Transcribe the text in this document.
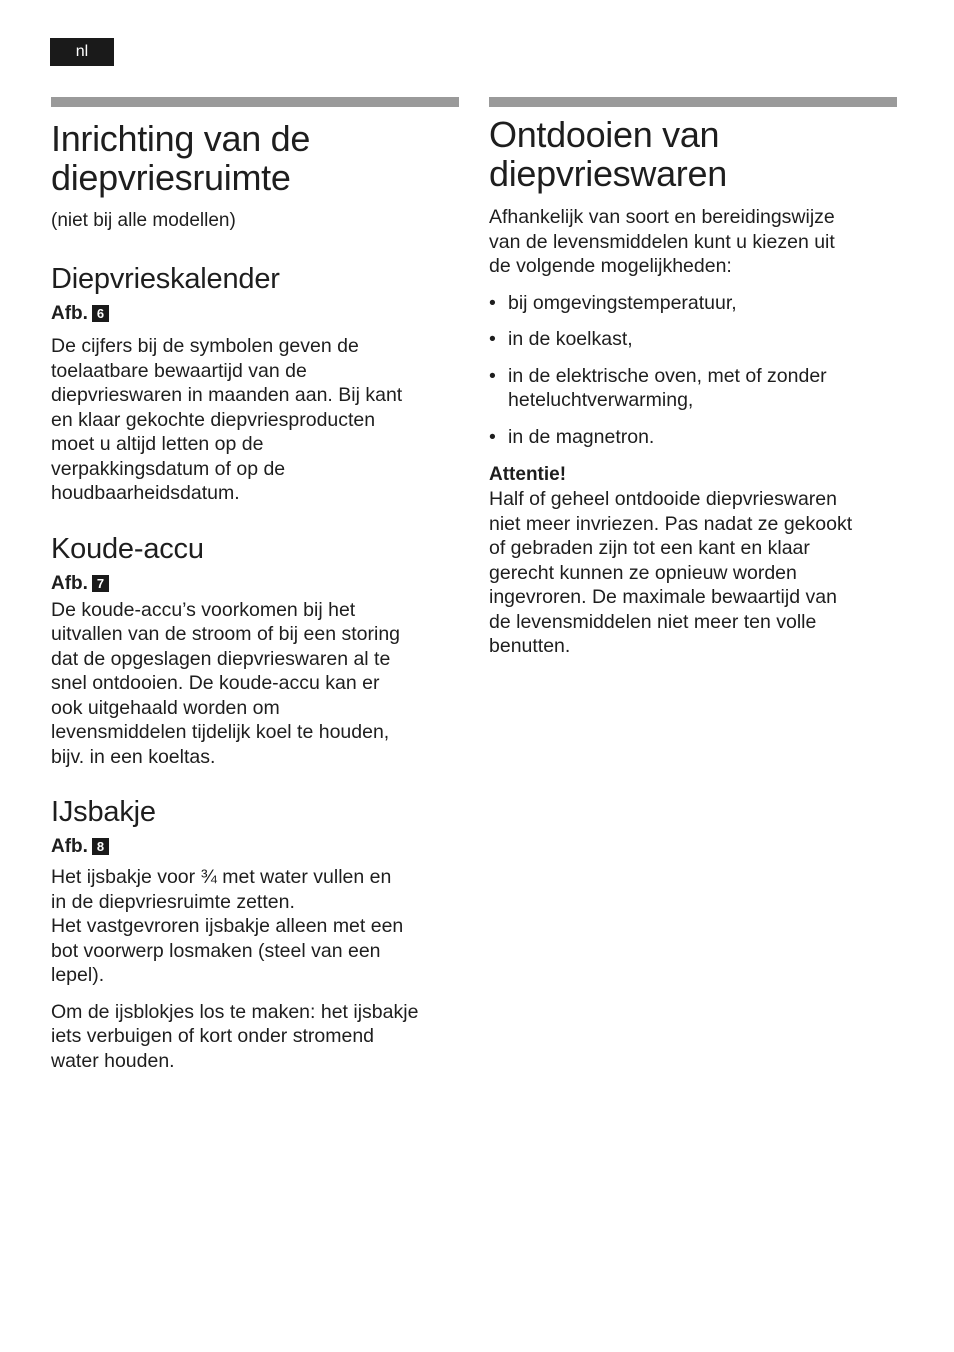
nl
Inrichting van de
diepvriesruimte

(niet bij alle modellen)

Diepvrieskalender
Afb. 6

De cijfers bij de symbolen geven de

toelaatbare bewaartijd van de

diepvrieswaren in maanden aan. Bij kant

en klaar gekochte diepvriesproducten

moet u altijd letten op de

verpakkingsdatum of op de

houdbaarheidsdatum.

Koude-accu
Afb. 7

De koude-accu’s voorkomen bij het

uitvallen van de stroom of bij een storing

dat de opgeslagen diepvrieswaren al te

snel ontdooien. De koude-accu kan er

ook uitgehaald worden om

levensmiddelen tijdelijk koel te houden,

bijv. in een koeltas.

IJsbakje
Afb. 8

Het ijsbakje voor ¾ met water vullen en

in de diepvriesruimte zetten.

Het vastgevroren ijsbakje alleen met een

bot voorwerp losmaken (steel van een

lepel).

Om de ijsblokjes los te maken: het ijsbakje

iets verbuigen of kort onder stromend

water houden.

Ontdooien van
diepvrieswaren

Afhankelijk van soort en bereidingswijze

van de levensmiddelen kunt u kiezen uit

de volgende mogelijkheden:

• bij omgevingstemperatuur,
• in de koelkast,
• in de elektrische oven, met of zonder
heteluchtverwarming,
• in de magnetron.
Attentie!

Half of geheel ontdooide diepvrieswaren

niet meer invriezen. Pas nadat ze gekookt

of gebraden zijn tot een kant en klaar

gerecht kunnen ze opnieuw worden

ingevroren. De maximale bewaartijd van

de levensmiddelen niet meer ten volle

benutten.
